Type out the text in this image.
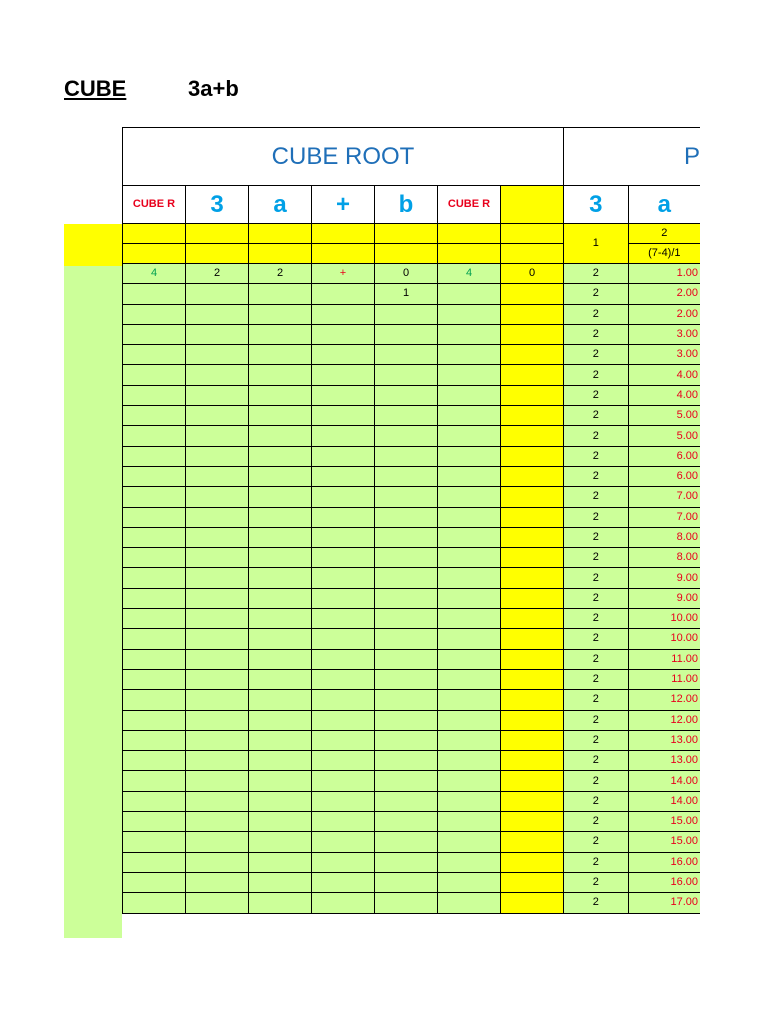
CUBE	3a+b
CUBE ROOT							P	
CUBE R	3	a	+	b	CUBE R		3	a
							1	2
								(7-4)/1
4	2	2	+	0	4	0	2	1.00
				1			2	2.00
							2	2.00
							2	3.00
							2	3.00
							2	4.00
							2	4.00
							2	5.00
							2	5.00
							2	6.00
							2	6.00
							2	7.00
							2	7.00
							2	8.00
							2	8.00
							2	9.00
							2	9.00
							2	10.00
							2	10.00
							2	11.00
							2	11.00
							2	12.00
							2	12.00
							2	13.00
							2	13.00
							2	14.00
							2	14.00
							2	15.00
							2	15.00
							2	16.00
							2	16.00
							2	17.00
